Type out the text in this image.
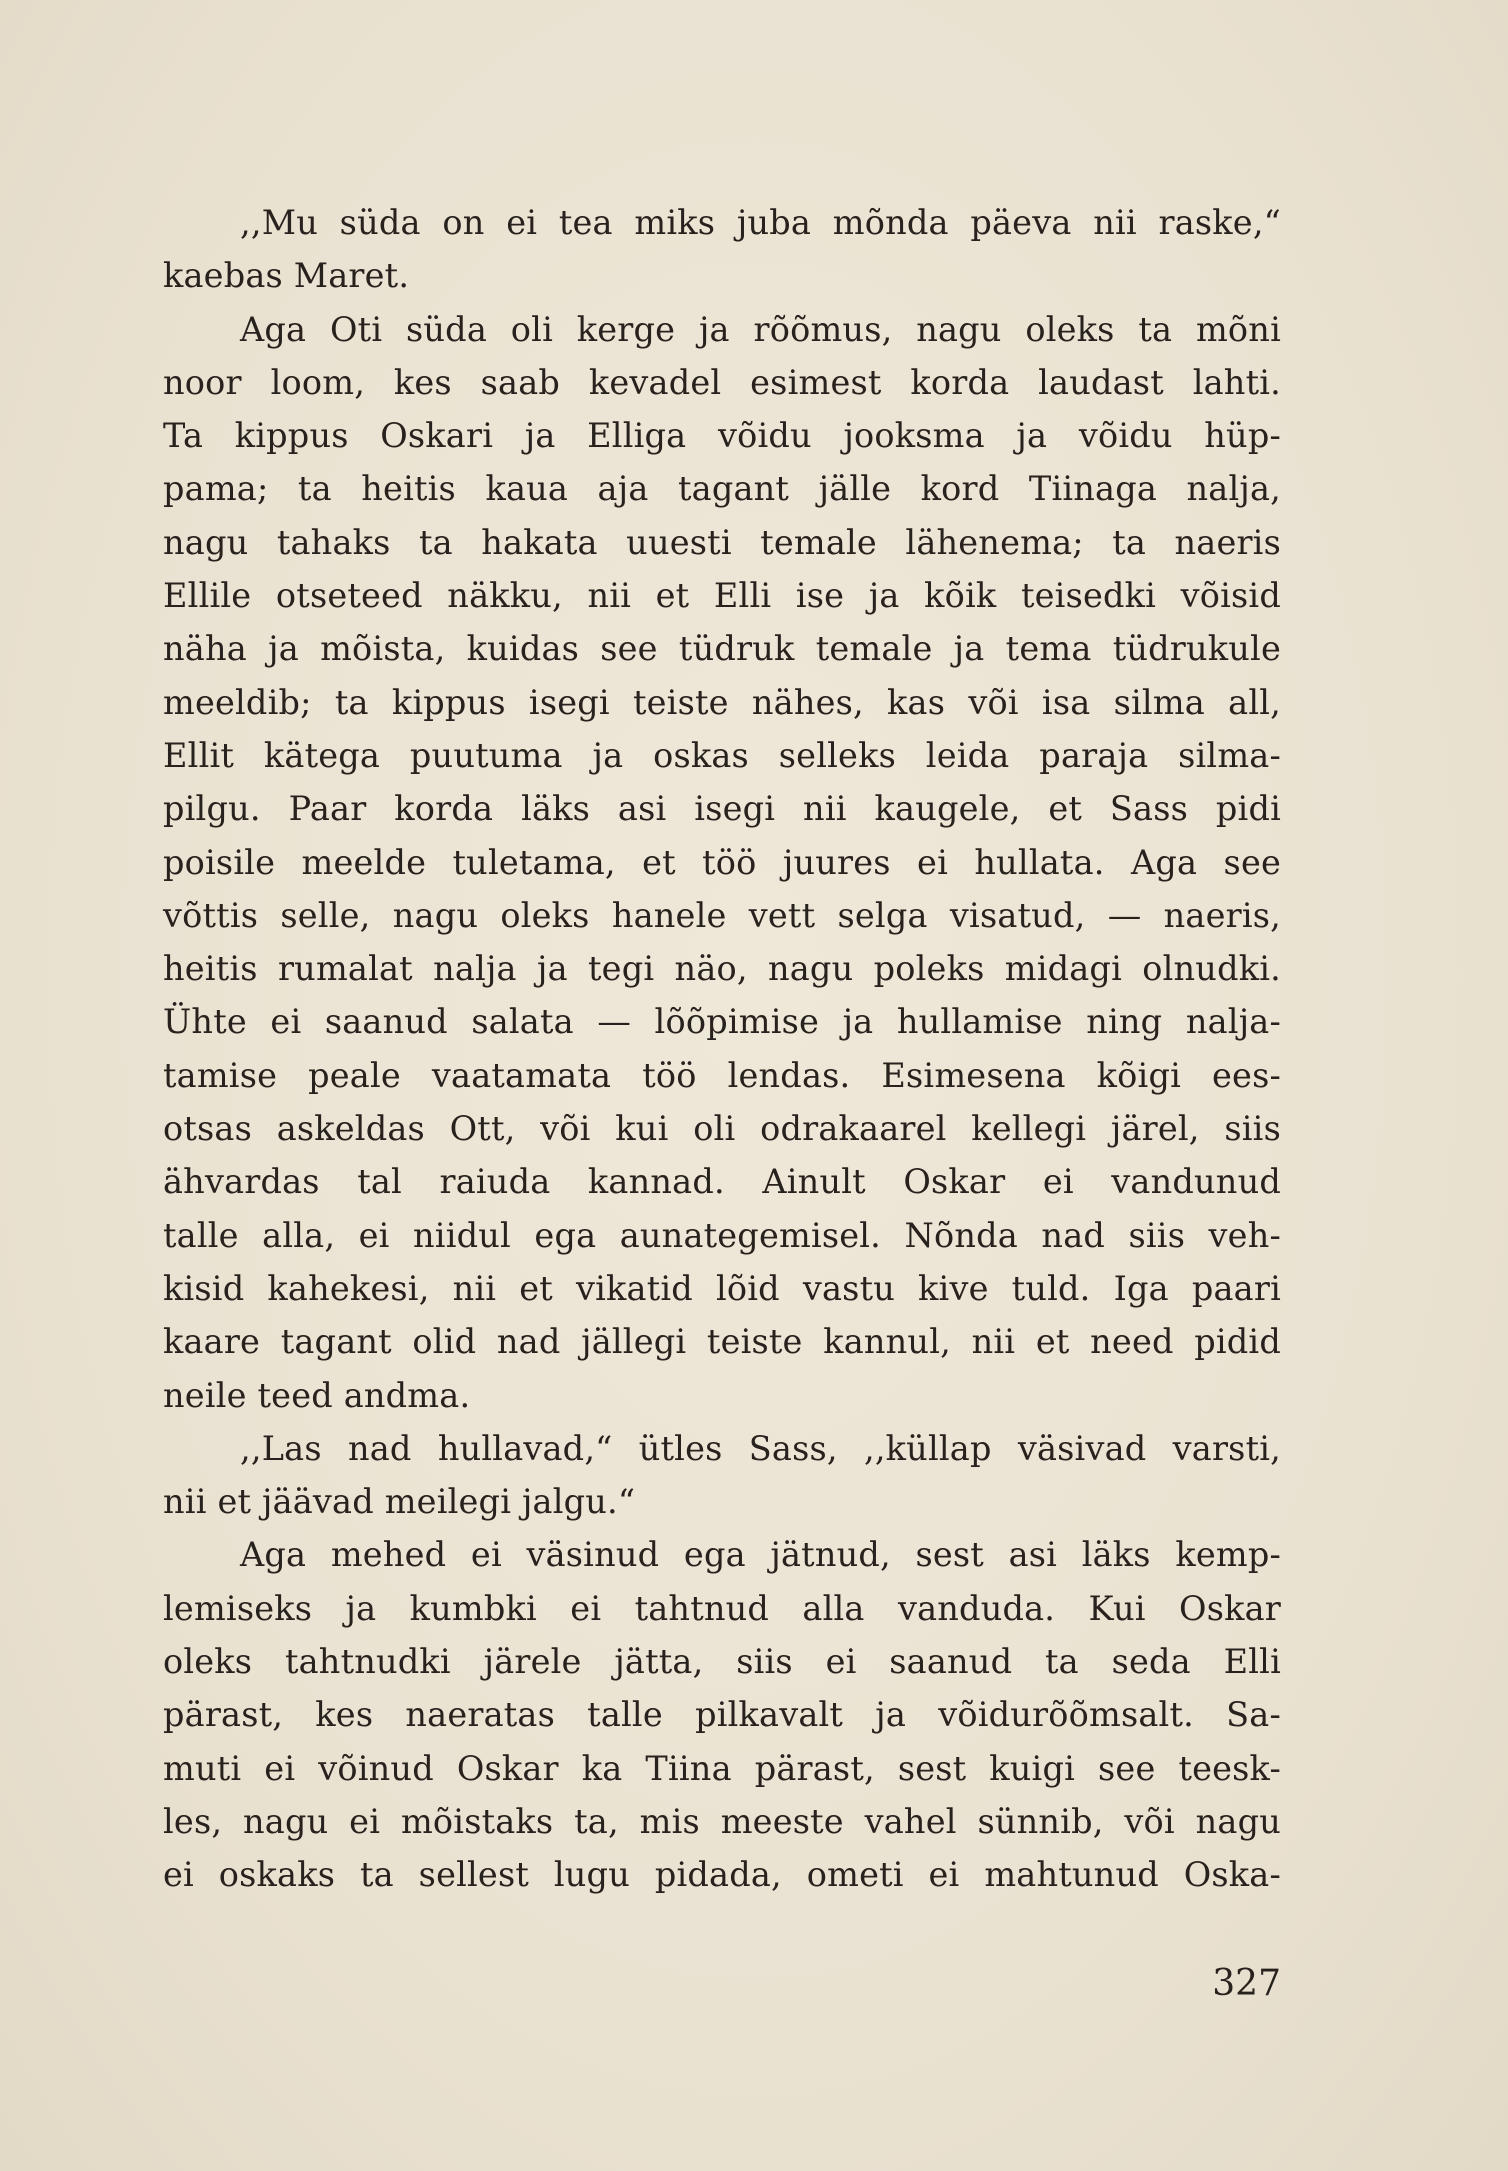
,,Mu süda on ei tea miks juba mõnda päeva nii raske,“
kaebas Maret.
Aga Oti süda oli kerge ja rõõmus, nagu oleks ta mõni
noor loom, kes saab kevadel esimest korda laudast lahti.
Ta kippus Oskari ja Elliga võidu jooksma ja võidu hüp-
pama; ta heitis kaua aja tagant jälle kord Tiinaga nalja,
nagu tahaks ta hakata uuesti temale lähenema; ta naeris
Ellile otseteed näkku, nii et Elli ise ja kõik teisedki võisid
näha ja mõista, kuidas see tüdruk temale ja tema tüdrukule
meeldib; ta kippus isegi teiste nähes, kas või isa silma all,
Ellit kätega puutuma ja oskas selleks leida paraja silma-
pilgu. Paar korda läks asi isegi nii kaugele, et Sass pidi
poisile meelde tuletama, et töö juures ei hullata. Aga see
võttis selle, nagu oleks hanele vett selga visatud, — naeris,
heitis rumalat nalja ja tegi näo, nagu poleks midagi olnudki.
Ühte ei saanud salata — lõõpimise ja hullamise ning nalja-
tamise peale vaatamata töö lendas. Esimesena kõigi ees-
otsas askeldas Ott, või kui oli odrakaarel kellegi järel, siis
ähvardas tal raiuda kannad. Ainult Oskar ei vandunud
talle alla, ei niidul ega aunategemisel. Nõnda nad siis veh-
kisid kahekesi, nii et vikatid lõid vastu kive tuld. Iga paari
kaare tagant olid nad jällegi teiste kannul, nii et need pidid
neile teed andma.
,,Las nad hullavad,“ ütles Sass, ,,küllap väsivad varsti,
nii et jäävad meilegi jalgu.“
Aga mehed ei väsinud ega jätnud, sest asi läks kemp-
lemiseks ja kumbki ei tahtnud alla vanduda. Kui Oskar
oleks tahtnudki järele jätta, siis ei saanud ta seda Elli
pärast, kes naeratas talle pilkavalt ja võidurõõmsalt. Sa-
muti ei võinud Oskar ka Tiina pärast, sest kuigi see teesk-
les, nagu ei mõistaks ta, mis meeste vahel sünnib, või nagu
ei oskaks ta sellest lugu pidada, ometi ei mahtunud Oska-
327
